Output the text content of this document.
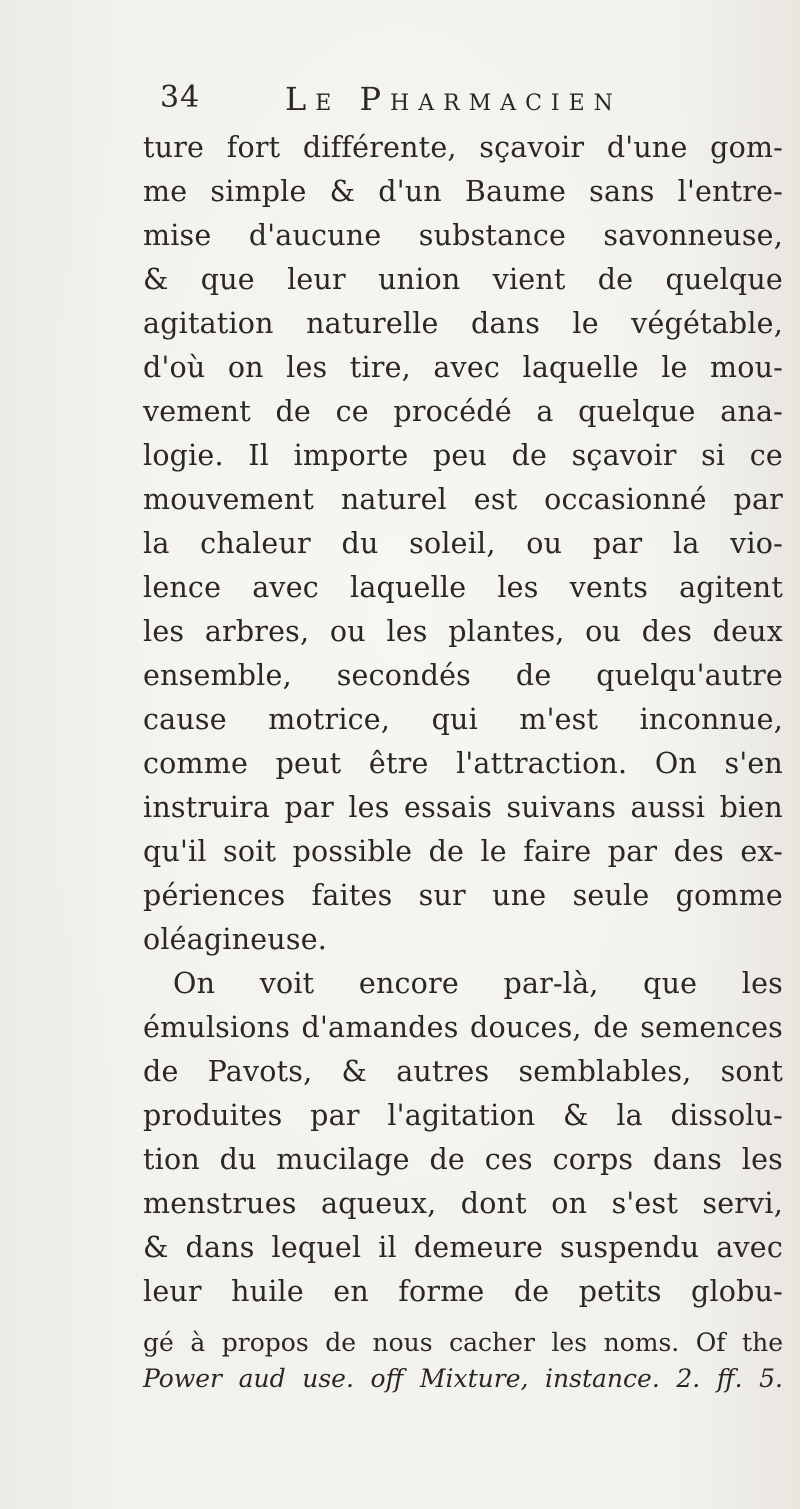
34	Le Pharmacien
ture fort différente, sçavoir d'une gom-
me simple & d'un Baume sans l'entre-
mise d'aucune substance savonneuse,
& que leur union vient de quelque
agitation naturelle dans le végétable,
d'où on les tire, avec laquelle le mou-
vement de ce procédé a quelque ana-
logie. Il importe peu de sçavoir si ce
mouvement naturel est occasionné par
la chaleur du soleil, ou par la vio-
lence avec laquelle les vents agitent
les arbres, ou les plantes, ou des deux
ensemble, secondés de quelqu'autre
cause motrice, qui m'est inconnue,
comme peut être l'attraction. On s'en
instruira par les essais suivans aussi bien
qu'il soit possible de le faire par des ex-
périences faites sur une seule gomme
oléagineuse.
On voit encore par-là, que les
émulsions d'amandes douces, de semences
de Pavots, & autres semblables, sont
produites par l'agitation & la dissolu-
tion du mucilage de ces corps dans les
menstrues aqueux, dont on s'est servi,
& dans lequel il demeure suspendu avec
leur huile en forme de petits globu-
gé à propos de nous cacher les noms. Of the
Power aud use. off Mixture, instance. 2. ff. 5.
